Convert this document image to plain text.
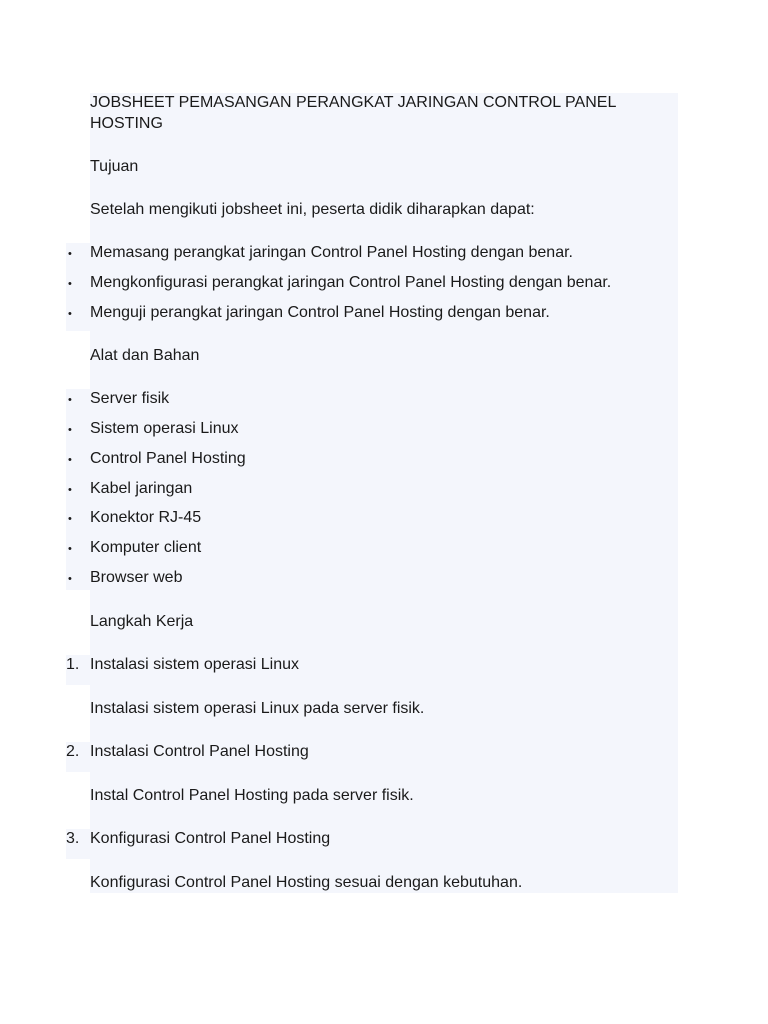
JOBSHEET PEMASANGAN PERANGKAT JARINGAN CONTROL PANEL HOSTING
Tujuan
Setelah mengikuti jobsheet ini, peserta didik diharapkan dapat:
• Memasang perangkat jaringan Control Panel Hosting dengan benar.
• Mengkonfigurasi perangkat jaringan Control Panel Hosting dengan benar.
• Menguji perangkat jaringan Control Panel Hosting dengan benar.
Alat dan Bahan
• Server fisik
• Sistem operasi Linux
• Control Panel Hosting
• Kabel jaringan
• Konektor RJ-45
• Komputer client
• Browser web
Langkah Kerja
1. Instalasi sistem operasi Linux
Instalasi sistem operasi Linux pada server fisik.
2. Instalasi Control Panel Hosting
Instal Control Panel Hosting pada server fisik.
3. Konfigurasi Control Panel Hosting
Konfigurasi Control Panel Hosting sesuai dengan kebutuhan.
